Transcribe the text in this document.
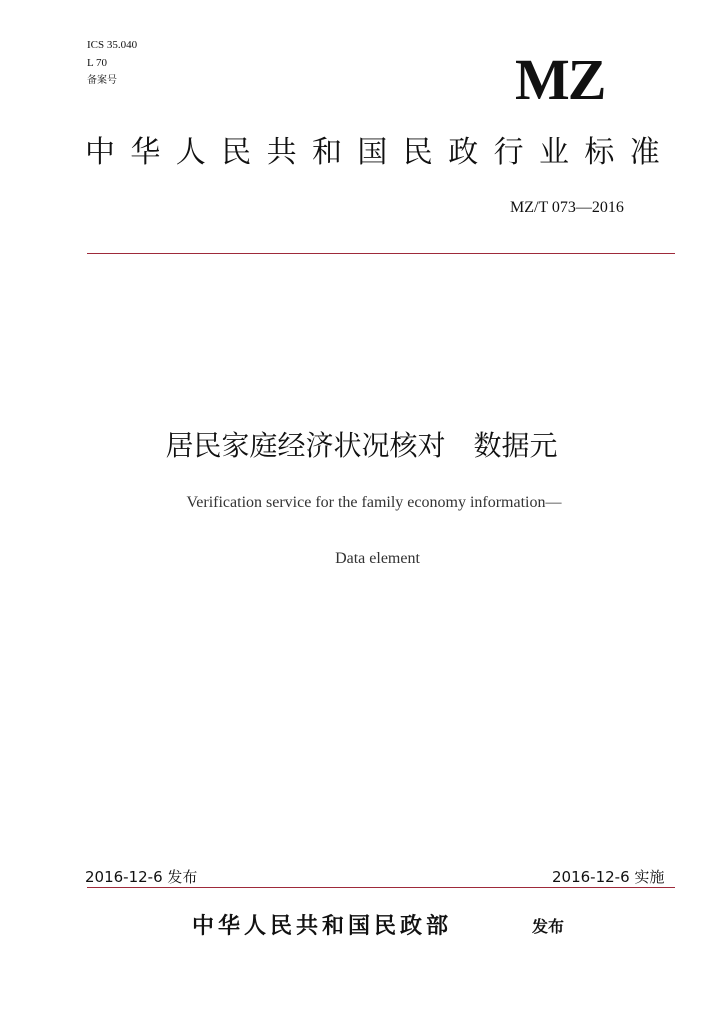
ICS 35.040
L 70
备案号	MZ
中华人民共和国民政行业标准
MZ/T 073—2016
居民家庭经济状况核对 数据元
Verification service for the family economy information—
Data element
2016-12-6 发布	2016-12-6 实施
中华人民共和国民政部	发布
